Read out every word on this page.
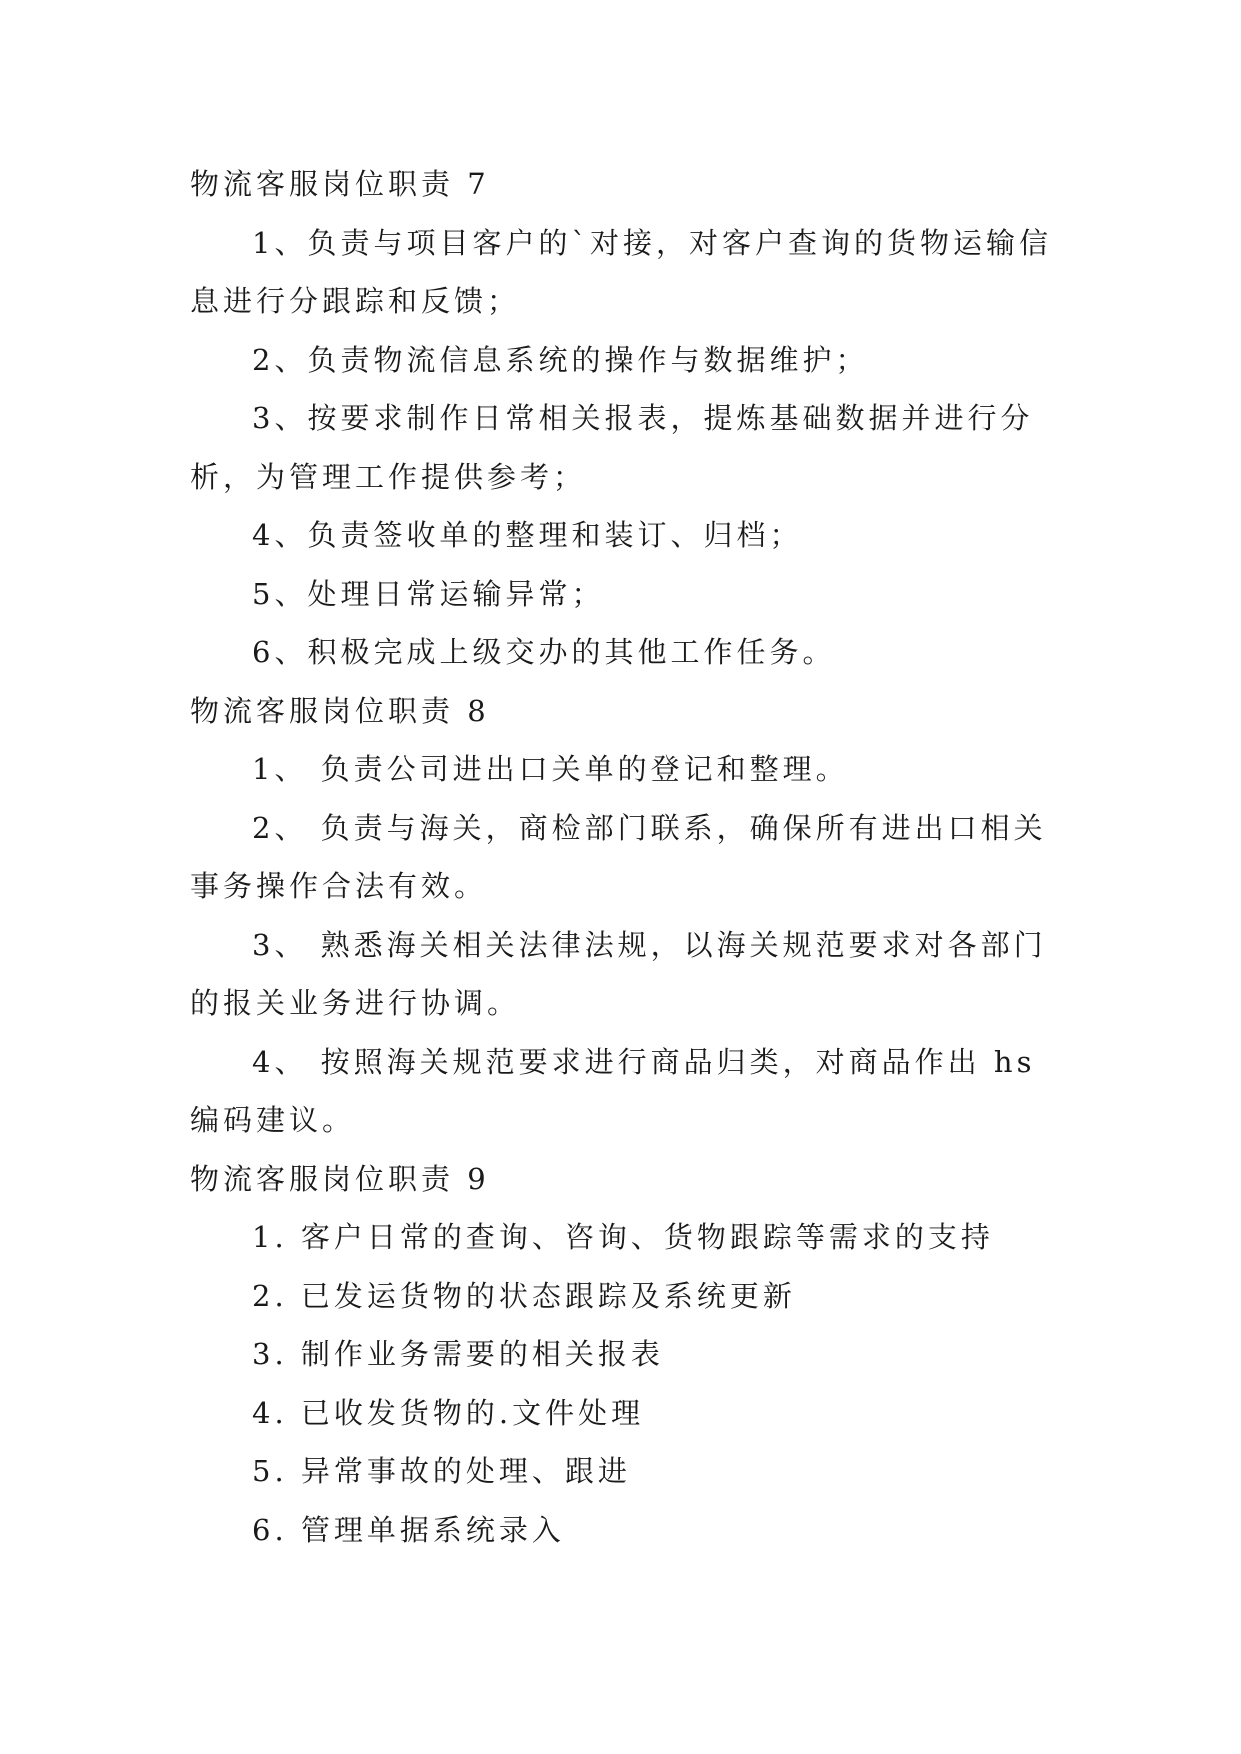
物流客服岗位职责 7

1、负责与项目客户的`对接，对客户查询的货物运输信

息进行分跟踪和反馈；

2、负责物流信息系统的操作与数据维护；

3、按要求制作日常相关报表，提炼基础数据并进行分

析，为管理工作提供参考；

4、负责签收单的整理和装订、归档；

5、处理日常运输异常；

6、积极完成上级交办的其他工作任务。

物流客服岗位职责 8

1、 负责公司进出口关单的登记和整理。

2、 负责与海关，商检部门联系，确保所有进出口相关

事务操作合法有效。

3、 熟悉海关相关法律法规，以海关规范要求对各部门

的报关业务进行协调。

4、 按照海关规范要求进行商品归类，对商品作出 hs

编码建议。

物流客服岗位职责 9

1. 客户日常的查询、咨询、货物跟踪等需求的支持

2. 已发运货物的状态跟踪及系统更新

3. 制作业务需要的相关报表

4. 已收发货物的.文件处理

5. 异常事故的处理、跟进

6. 管理单据系统录入
